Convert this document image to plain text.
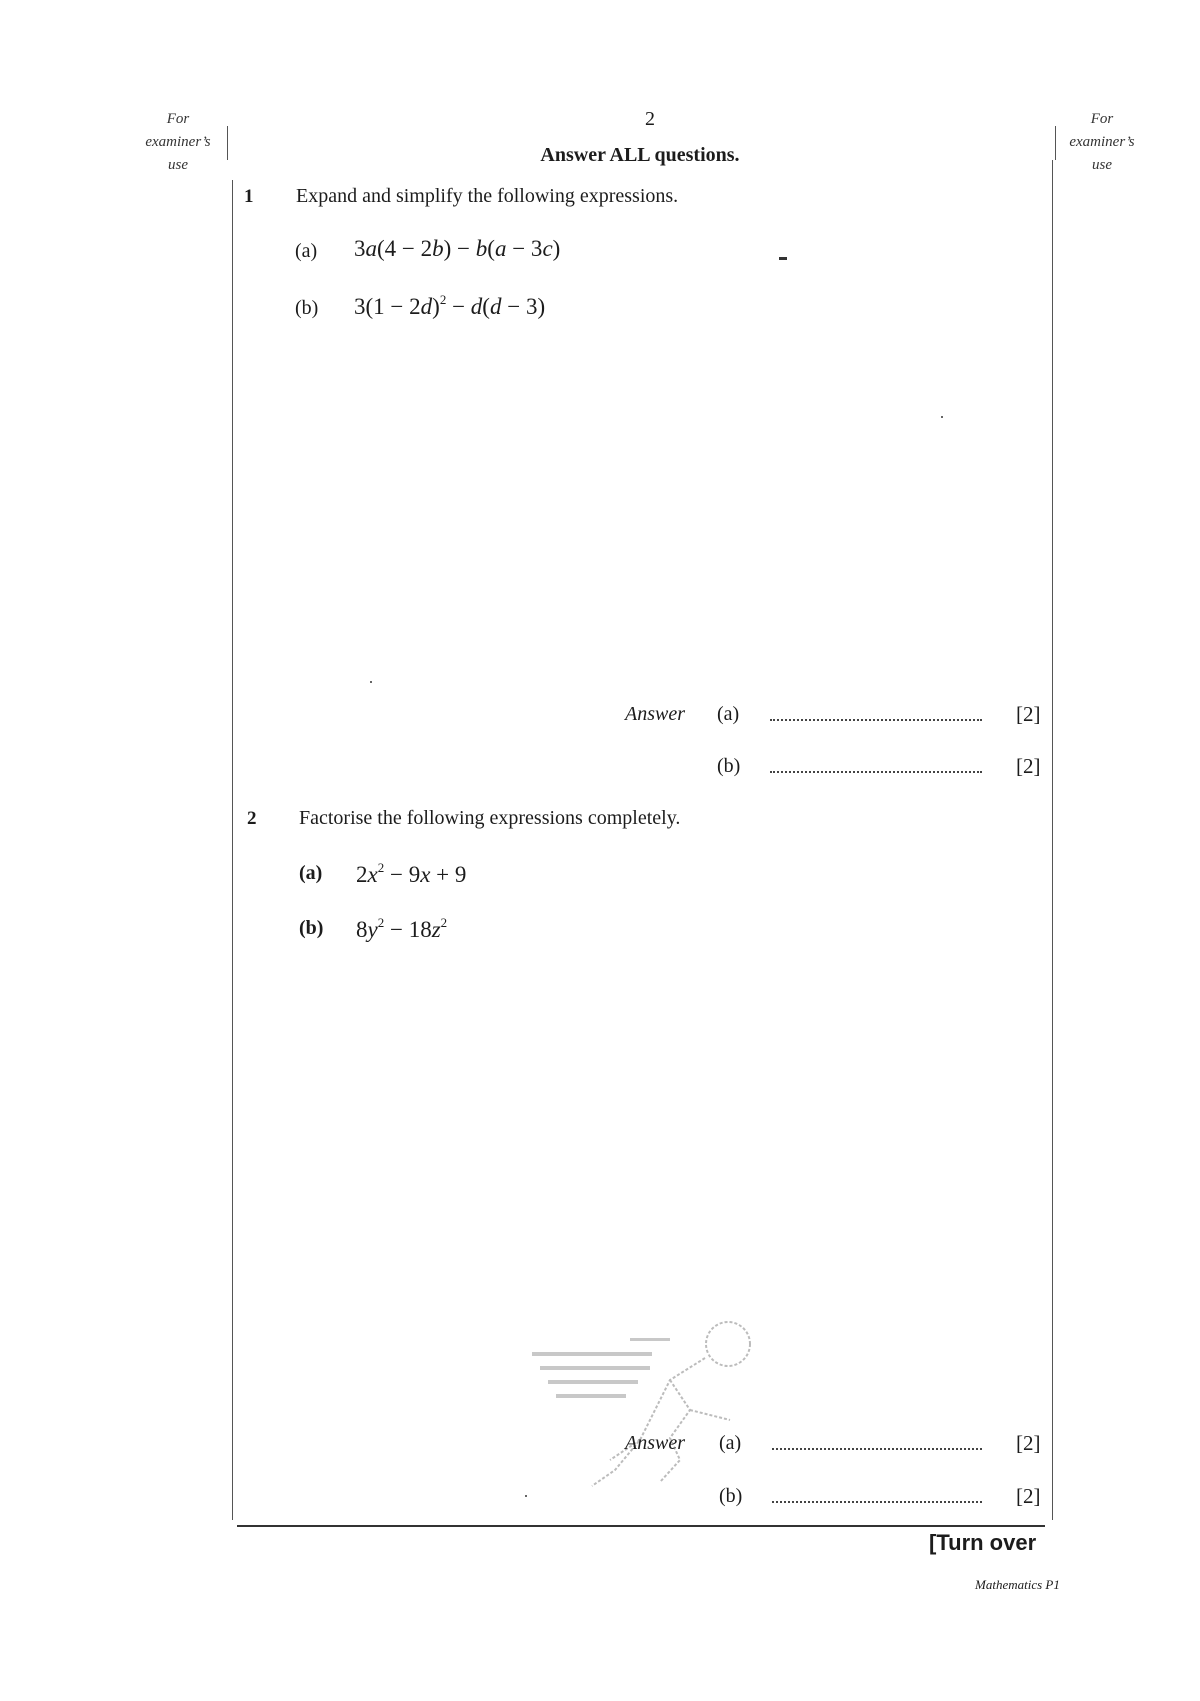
For
examiner’s
use
For
examiner’s
use
2
Answer ALL questions.
1 Expand and simplify the following expressions.
(a) 3a(4 − 2b) − b(a − 3c)
(b) $3(1 - 2d)^2 - d(d - 3)$
Answer (a)	[2]
(b)	[2]
2 Factorise the following expressions completely.
(a) $2x^2 - 9x + 9$
(b) $8y^2 - 18z^2$
Answer (a)	[2]
(b)	[2]
[Turn over
Mathematics P1
